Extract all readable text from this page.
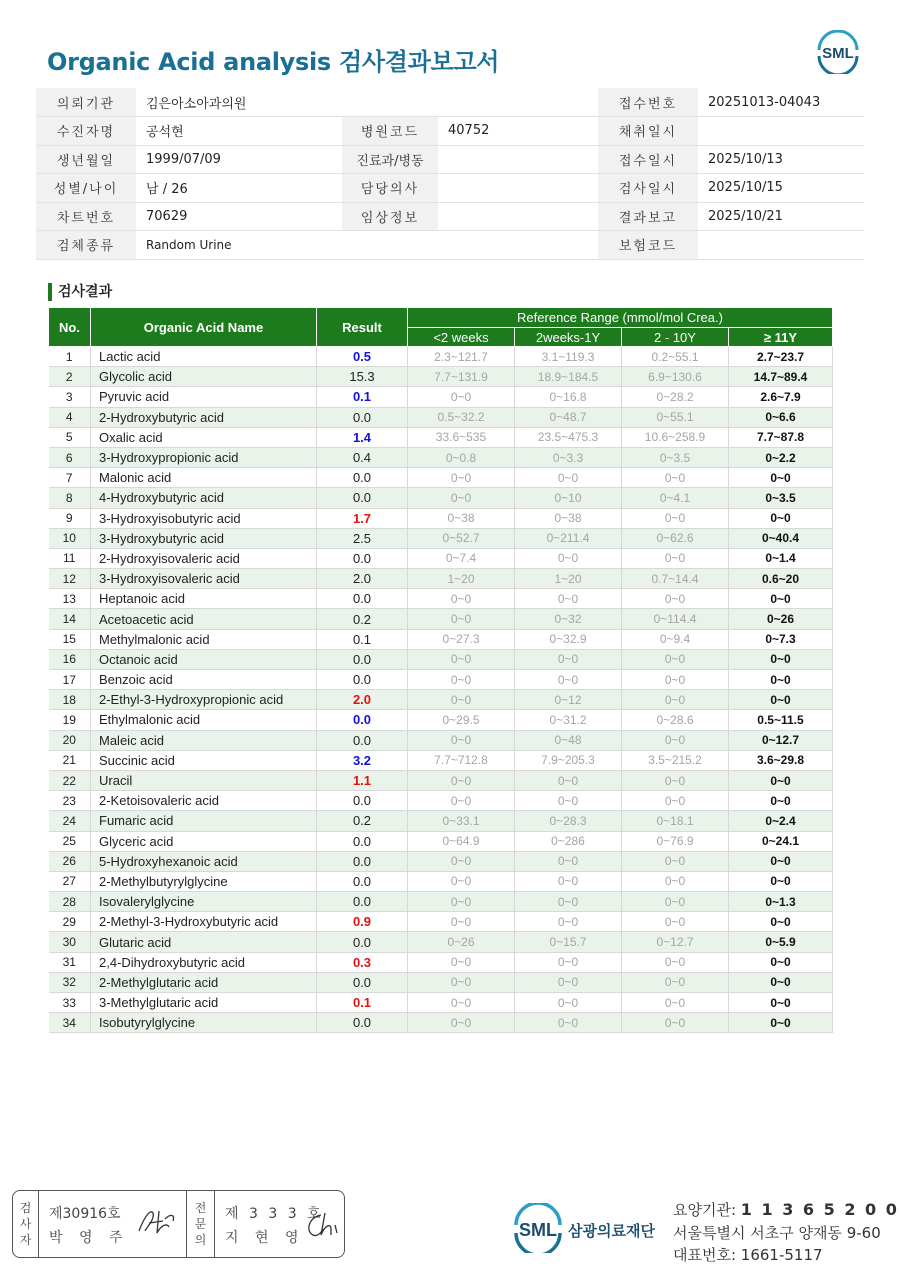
Organic Acid analysis 검사결과보고서	SML
의뢰기관	김은아소아과의원			접수번호	20251013-04043
수진자명	공석현	병원코드	40752	채취일시	
생년월일	1999/07/09	진료과/병동		접수일시	2025/10/13
성별/나이	남 / 26	담당의사		검사일시	2025/10/15
차트번호	70629	임상정보		결과보고	2025/10/21
검체종류	Random Urine			보험코드	
검사결과
No.	Organic Acid Name	Result	Reference Range (mmol/mol Crea.)			
			<2 weeks	2weeks-1Y	2 - 10Y	≥ 11Y
1	Lactic acid	0.5	2.3~121.7	3.1~119.3	0.2~55.1	2.7~23.7
2	Glycolic acid	15.3	7.7~131.9	18.9~184.5	6.9~130.6	14.7~89.4
3	Pyruvic acid	0.1	0~0	0~16.8	0~28.2	2.6~7.9
4	2-Hydroxybutyric acid	0.0	0.5~32.2	0~48.7	0~55.1	0~6.6
5	Oxalic acid	1.4	33.6~535	23.5~475.3	10.6~258.9	7.7~87.8
6	3-Hydroxypropionic acid	0.4	0~0.8	0~3.3	0~3.5	0~2.2
7	Malonic acid	0.0	0~0	0~0	0~0	0~0
8	4-Hydroxybutyric acid	0.0	0~0	0~10	0~4.1	0~3.5
9	3-Hydroxyisobutyric acid	1.7	0~38	0~38	0~0	0~0
10	3-Hydroxybutyric acid	2.5	0~52.7	0~211.4	0~62.6	0~40.4
11	2-Hydroxyisovaleric acid	0.0	0~7.4	0~0	0~0	0~1.4
12	3-Hydroxyisovaleric acid	2.0	1~20	1~20	0.7~14.4	0.6~20
13	Heptanoic acid	0.0	0~0	0~0	0~0	0~0
14	Acetoacetic acid	0.2	0~0	0~32	0~114.4	0~26
15	Methylmalonic acid	0.1	0~27.3	0~32.9	0~9.4	0~7.3
16	Octanoic acid	0.0	0~0	0~0	0~0	0~0
17	Benzoic acid	0.0	0~0	0~0	0~0	0~0
18	2-Ethyl-3-Hydroxypropionic acid	2.0	0~0	0~12	0~0	0~0
19	Ethylmalonic acid	0.0	0~29.5	0~31.2	0~28.6	0.5~11.5
20	Maleic acid	0.0	0~0	0~48	0~0	0~12.7
21	Succinic acid	3.2	7.7~712.8	7.9~205.3	3.5~215.2	3.6~29.8
22	Uracil	1.1	0~0	0~0	0~0	0~0
23	2-Ketoisovaleric acid	0.0	0~0	0~0	0~0	0~0
24	Fumaric acid	0.2	0~33.1	0~28.3	0~18.1	0~2.4
25	Glyceric acid	0.0	0~64.9	0~286	0~76.9	0~24.1
26	5-Hydroxyhexanoic acid	0.0	0~0	0~0	0~0	0~0
27	2-Methylbutyrylglycine	0.0	0~0	0~0	0~0	0~0
28	Isovalerylglycine	0.0	0~0	0~0	0~0	0~1.3
29	2-Methyl-3-Hydroxybutyric acid	0.9	0~0	0~0	0~0	0~0
30	Glutaric acid	0.0	0~26	0~15.7	0~12.7	0~5.9
31	2,4-Dihydroxybutyric acid	0.3	0~0	0~0	0~0	0~0
32	2-Methylglutaric acid	0.0	0~0	0~0	0~0	0~0
33	3-Methylglutaric acid	0.1	0~0	0~0	0~0	0~0
34	Isobutyrylglycine	0.0	0~0	0~0	0~0	0~0
검
사
자
제30916호
박 영 주
전
문
의
제 3 3 3 호
지 현 영	SML 삼광의료재단
요양기관: 1 1 3 6 5 2 0 0
서울특별시 서초구 양재동 9-60
대표번호: 1661-5117
